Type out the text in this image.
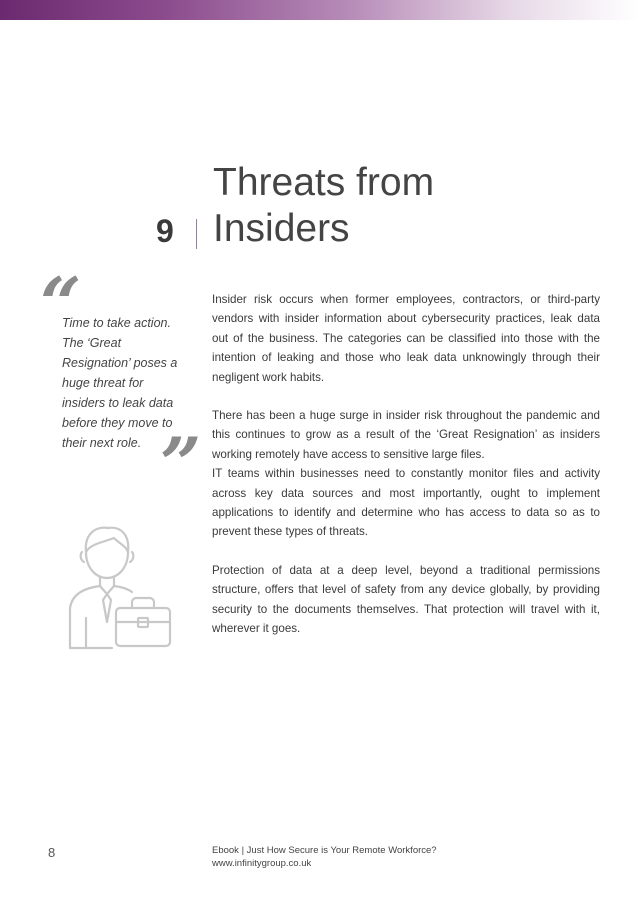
9
Threats from
Insiders
“

Time to take action. The ‘Great Resignation’ poses a huge threat for insiders to leak data before they move to their next role. ”

Insider risk occurs when former employees, contractors, or third-party vendors with insider information about cybersecurity practices, leak data out of the business. The categories can be classified into those with the intention of leaking and those who leak data unknowingly through their negligent work habits.

There has been a huge surge in insider risk throughout the pandemic and this continues to grow as a result of the ‘Great Resignation’ as insiders working remotely have access to sensitive large files.

IT teams within businesses need to constantly monitor files and activity across key data sources and most importantly, ought to implement applications to identify and determine who has access to data so as to prevent these types of threats.

Protection of data at a deep level, beyond a traditional permissions structure, offers that level of safety from any device globally, by providing security to the documents themselves. That protection will travel with it, wherever it goes.

8	Ebook | Just How Secure is Your Remote Workforce?
www.infinitygroup.co.uk
